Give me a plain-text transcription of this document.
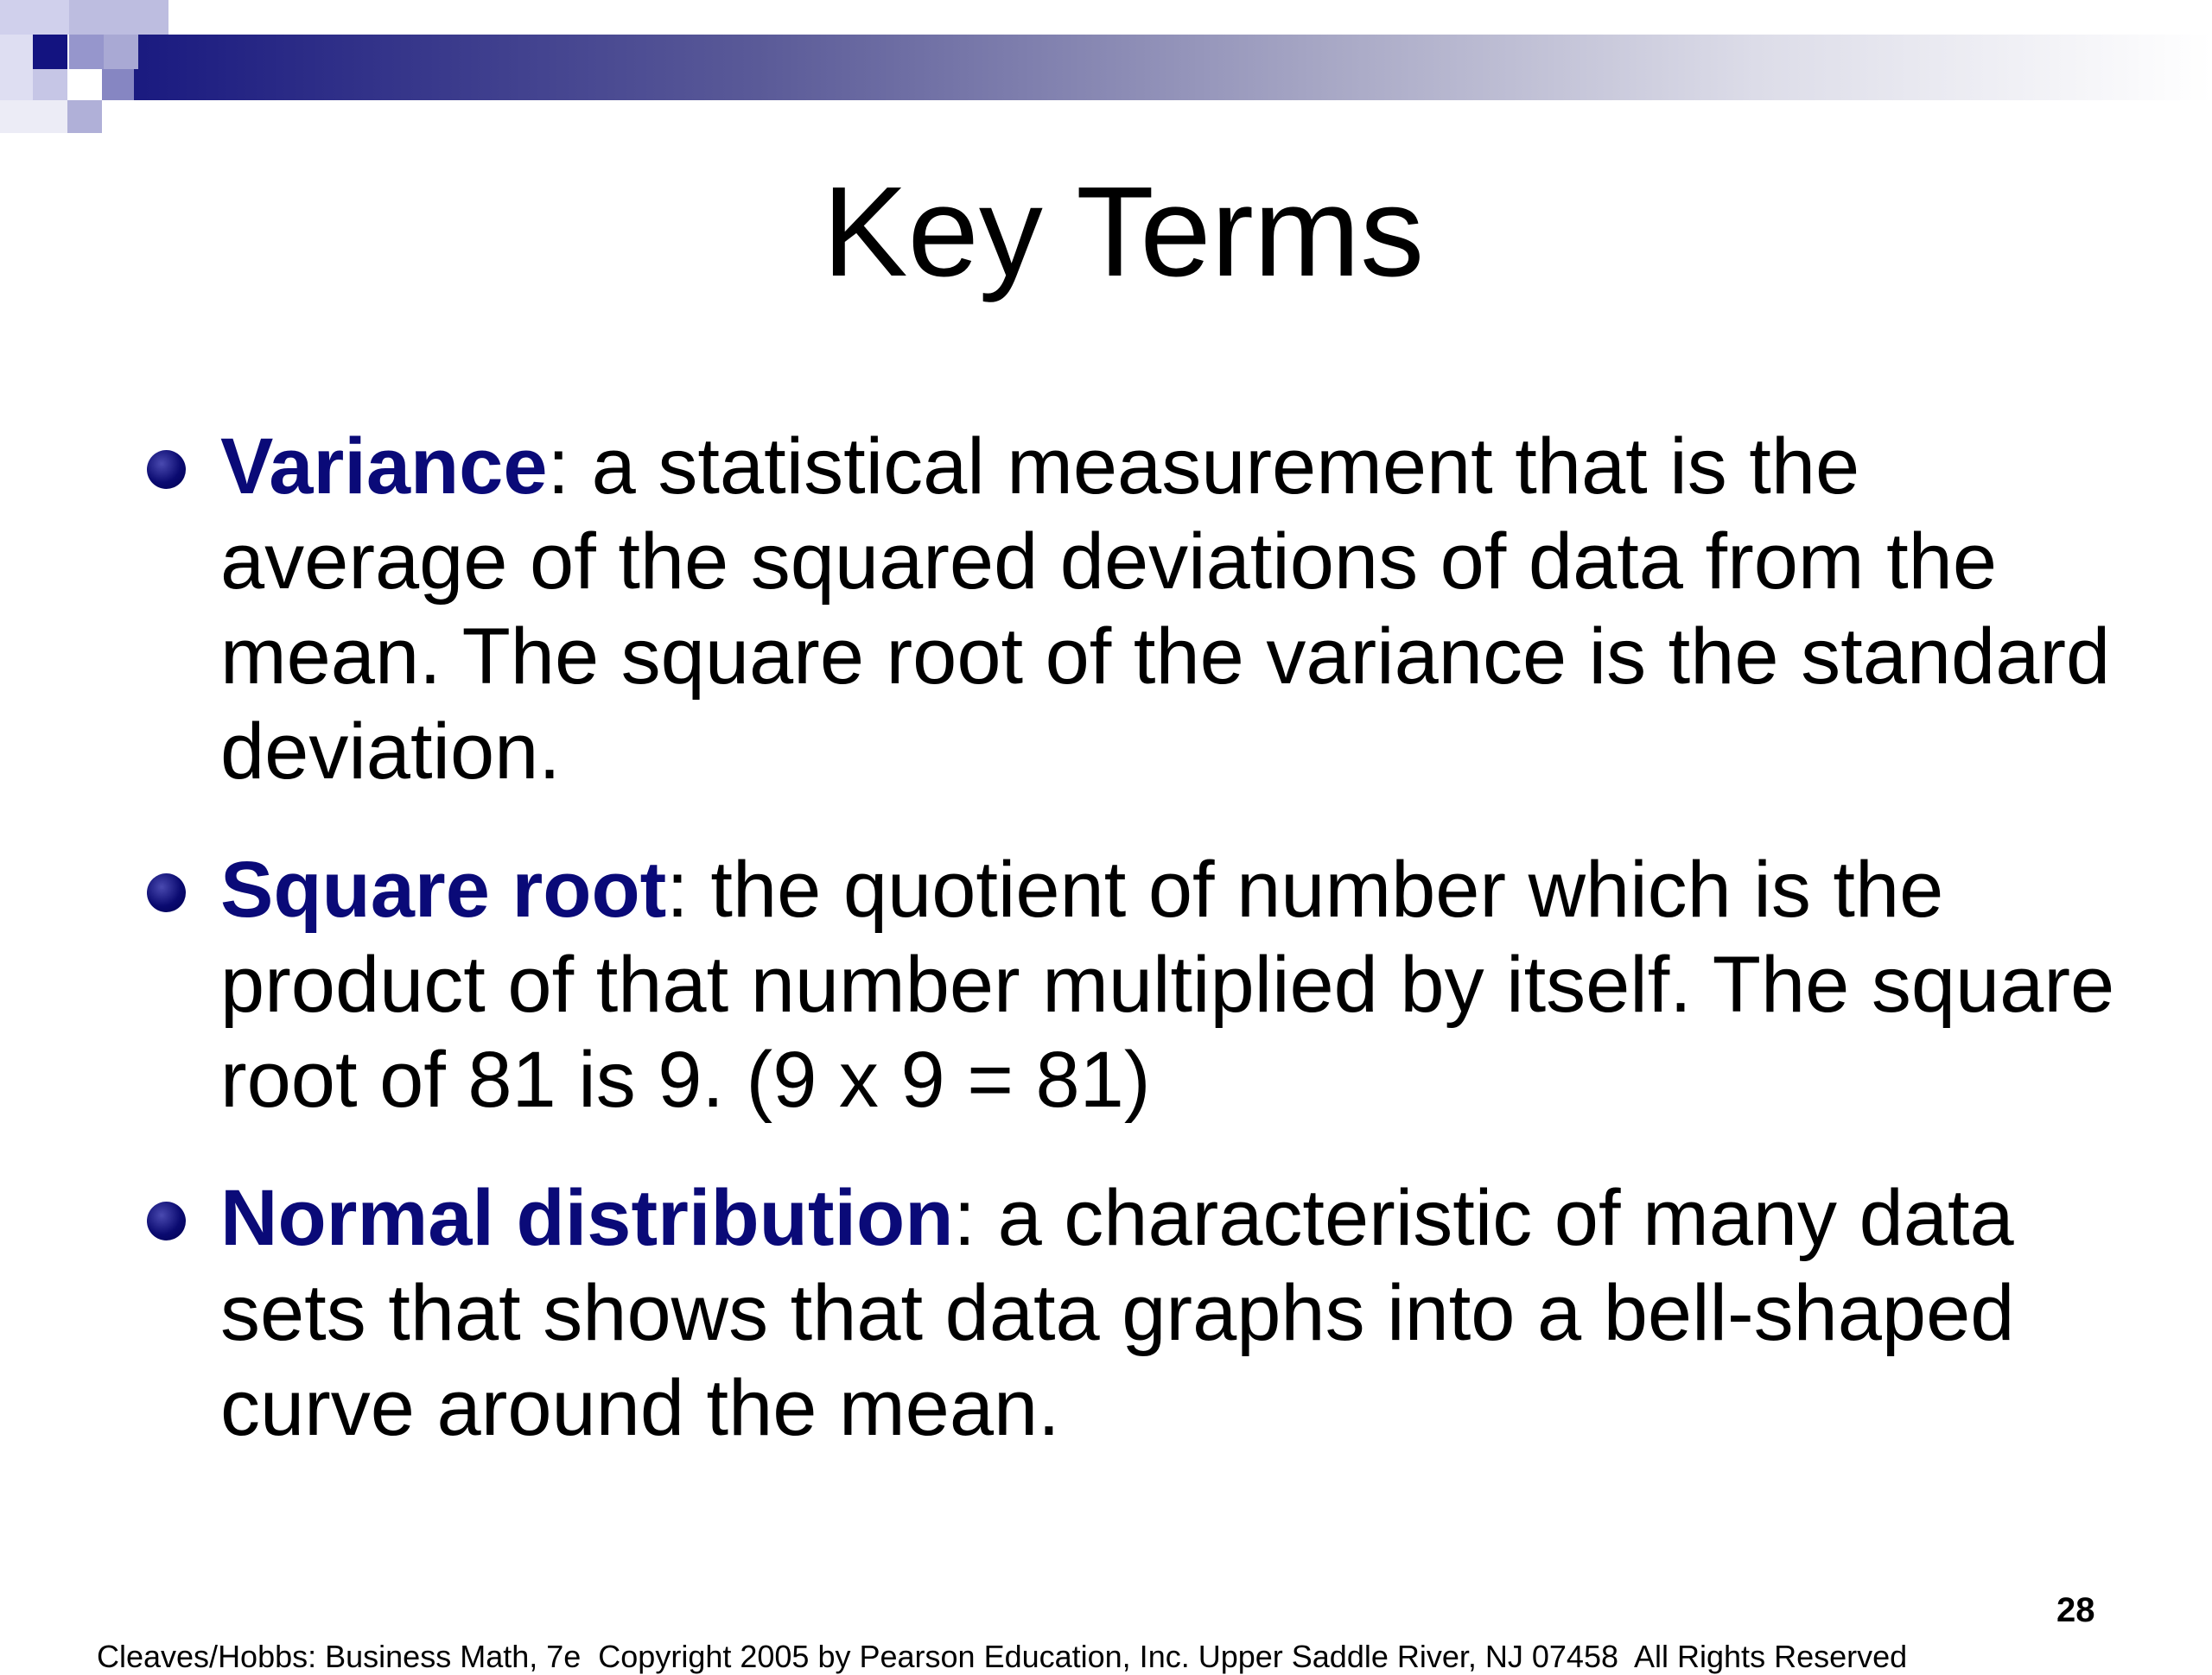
Key Terms
Variance: a statistical measurement that is the average of the squared deviations of data from the mean. The square root of the variance is the standard deviation.
Square root: the quotient of number which is the product of that number multiplied by itself. The square root of 81 is 9. (9 x 9 = 81)
Normal distribution: a characteristic of many data sets that shows that data graphs into a bell-shaped curve around the mean.
28
Cleaves/Hobbs: Business Math, 7e  Copyright 2005 by Pearson Education, Inc. Upper Saddle River, NJ 07458  All Rights Reserved
